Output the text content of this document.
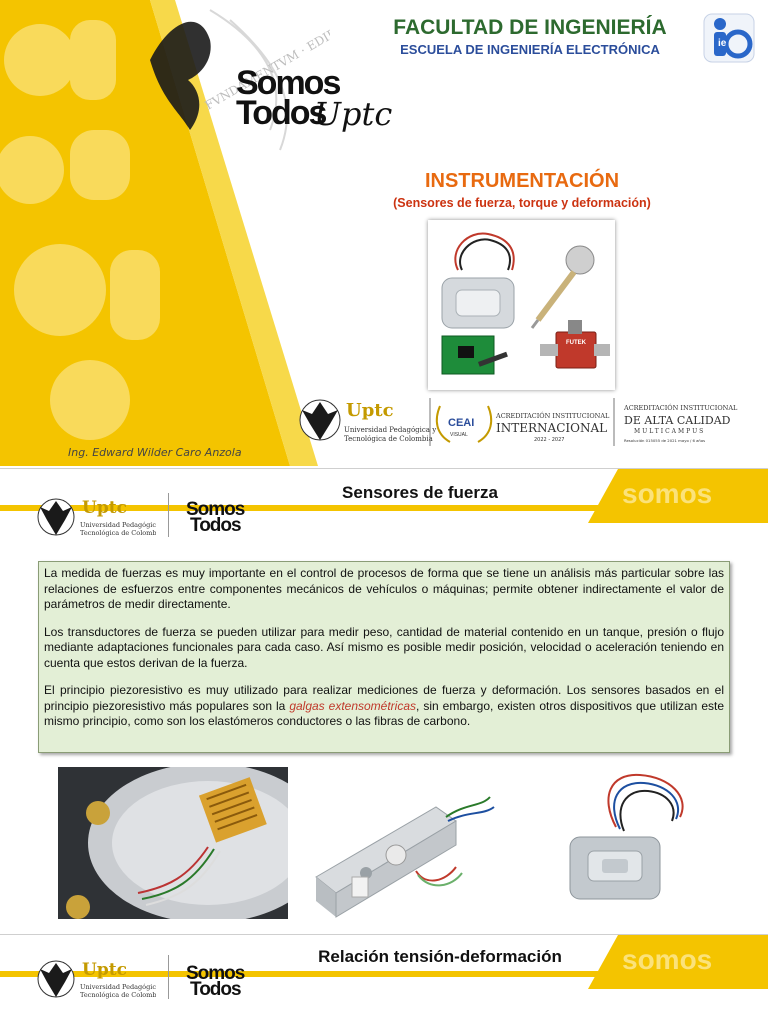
Somos
Todos
Uptc
FACULTAD DE INGENIERÍA
ESCUELA DE INGENIERÍA ELECTRÓNICA	ie
INSTRUMENTACIÓN
(Sensores de fuerza, torque y deformación)
FUTEK
Uptc
Universidad Pedagógica y
Tecnológica de Colombia
CEAI
VISUAL
ACREDITACIÓN INSTITUCIONAL
INTERNACIONAL
2022 - 2027
ACREDITACIÓN INSTITUCIONAL
DE ALTA CALIDAD
MULTICAMPUS
Resolución 015055 de 2021 mayo / 6 años
Ing. Edward Wilder Caro Anzola
somos
Uptc
Universidad Pedagógic
Tecnológica de Colombia
Somos
Todos
Sensores de fuerza

La medida de fuerzas es muy importante en el control de procesos de forma que se tiene un análisis más particular sobre las relaciones de esfuerzos entre componentes mecánicos de vehículos o máquinas; permite obtener indirectamente el valor de parámetros de medir directamente.

Los transductores de fuerza se pueden utilizar para medir peso, cantidad de material contenido en un tanque, presión o flujo mediante adaptaciones funcionales para cada caso. Así mismo es posible medir posición, velocidad o aceleración teniendo en cuenta que estos derivan de la fuerza.

El principio piezoresistivo es muy utilizado para realizar mediciones de fuerza y deformación. Los sensores basados en el principio piezoresistivo más populares son la galgas extensométricas, sin embargo, existen otros dispositivos que utilizan este mismo principio, como son los elastómeros conductores o las fibras de carbono.

somos
Uptc
Universidad Pedagógic
Tecnológica de Colombia
Somos
Todos
Relación tensión-deformación
